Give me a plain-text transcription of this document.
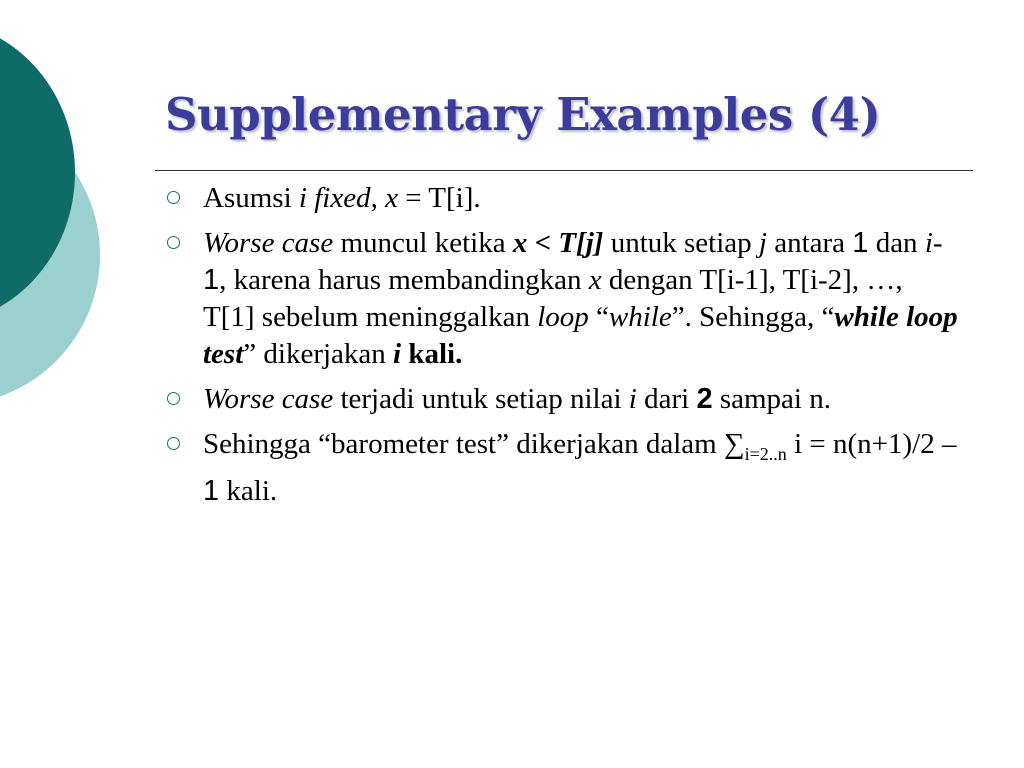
Supplementary Examples (4)
Asumsi i fixed, x = T[i].
Worse case muncul ketika x < T[j] untuk setiap j antara 1 dan i-1, karena harus membandingkan x dengan T[i-1], T[i-2], …, T[1] sebelum meninggalkan loop “while”. Sehingga, “while loop test” dikerjakan i kali.
Worse case terjadi untuk setiap nilai i dari 2 sampai n.
Sehingga “barometer test” dikerjakan dalam $\sum_{i=2..n}$ i = n(n+1)/2 – 1 kali.
